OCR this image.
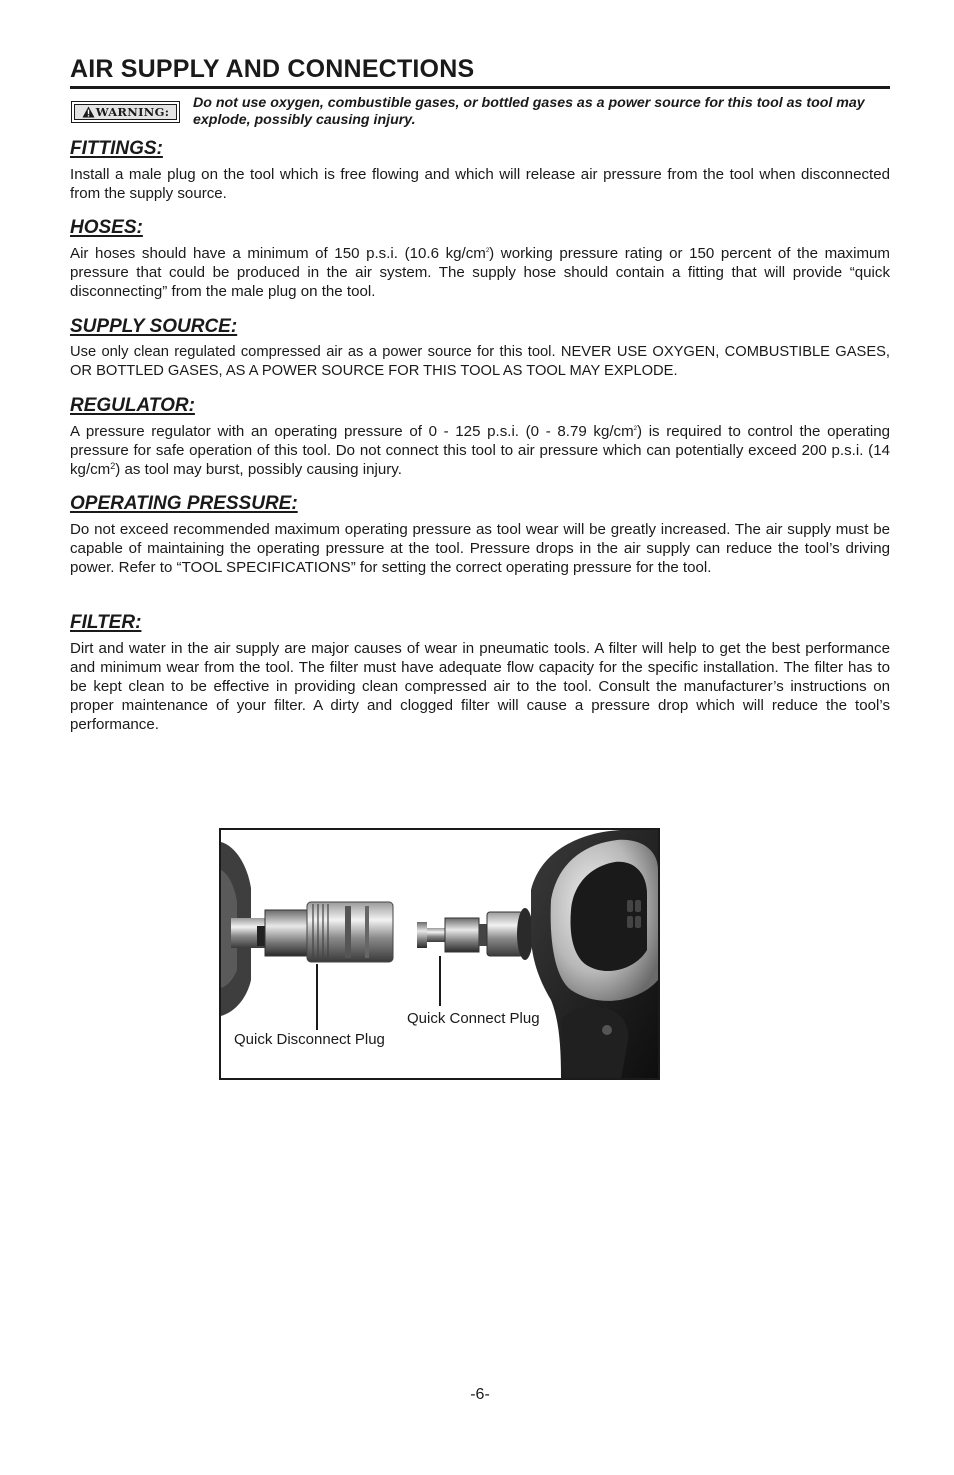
AIR SUPPLY AND CONNECTIONS
WARNING:

Do not use oxygen, combustible gases, or bottled gases as a power source for this tool as tool may explode, possibly causing injury.

FITTINGS:

Install a male plug on the tool which is free flowing and which will release air pressure from the tool when disconnected from the supply source.

HOSES:

Air hoses should have a minimum of 150 p.s.i. (10.6 $kg/cm^2$) working pressure rating or 150 percent of the maximum pressure that could be produced in the air system. The supply hose should contain a fitting that will provide “quick disconnecting” from the male plug on the tool.

SUPPLY SOURCE:

Use only clean regulated compressed air as a power source for this tool. NEVER USE OXYGEN, COMBUSTIBLE GASES, OR BOTTLED GASES, AS A POWER SOURCE FOR THIS TOOL AS TOOL MAY EXPLODE.

REGULATOR:

A pressure regulator with an operating pressure of 0 - 125 p.s.i. (0 - 8.79 $kg/cm^2$) is required to control the operating pressure for safe operation of this tool. Do not connect this tool to air pressure which can potentially exceed 200 p.s.i. (14 $kg/cm^2$) as tool may burst, possibly causing injury.

OPERATING PRESSURE:

Do not exceed recommended maximum operating pressure as tool wear will be greatly increased. The air supply must be capable of maintaining the operating pressure at the tool. Pressure drops in the air supply can reduce the tool’s driving power. Refer to “TOOL SPECIFICATIONS” for setting the correct operating pressure for the tool.

FILTER:

Dirt and water in the air supply are major causes of wear in pneumatic tools. A filter will help to get the best performance and minimum wear from the tool. The filter must have adequate flow capacity for the specific installation. The filter has to be kept clean to be effective in providing clean compressed air to the tool. Consult the manufacturer’s instructions on proper maintenance of your filter. A dirty and clogged filter will cause a pressure drop which will reduce the tool’s performance.

Quick Connect Plug
Quick Disconnect Plug
-6-
